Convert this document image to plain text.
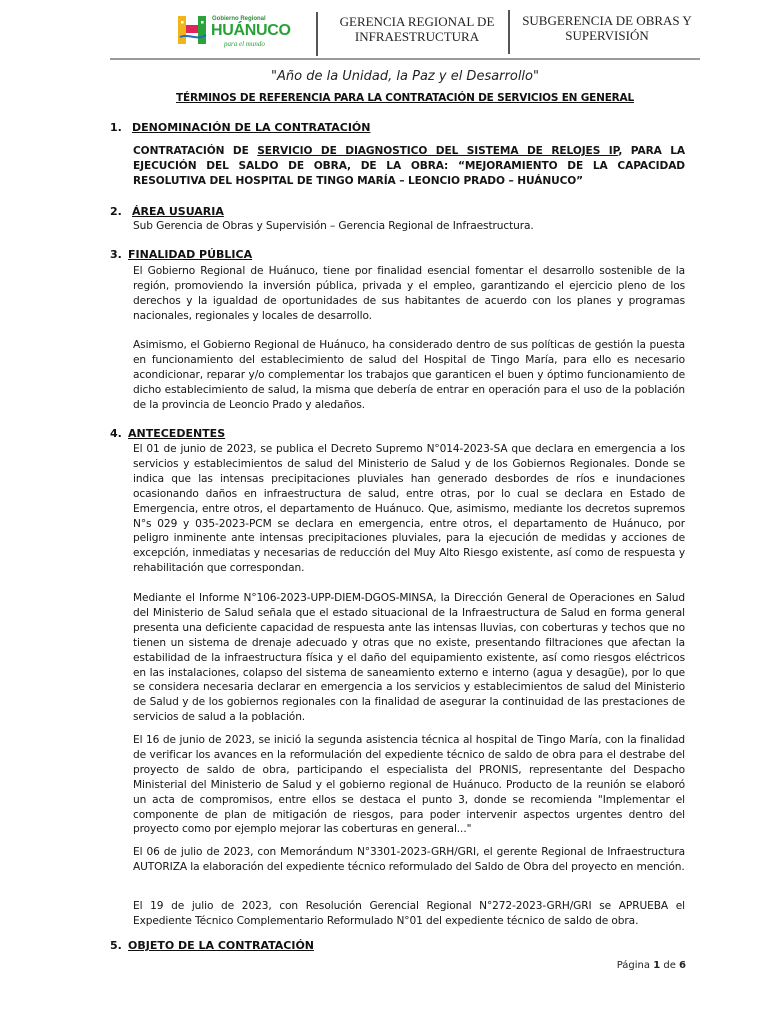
Gobierno Regional
HUÁNUCO
para el mundo
GERENCIA REGIONAL DE INFRAESTRUCTURA
SUBGERENCIA DE OBRAS Y SUPERVISIÓN
"Año de la Unidad, la Paz y el Desarrollo"
TÉRMINOS DE REFERENCIA PARA LA CONTRATACIÓN DE SERVICIOS EN GENERAL
1. DENOMINACIÓN DE LA CONTRATACIÓN
CONTRATACIÓN DE SERVICIO DE DIAGNOSTICO DEL SISTEMA DE RELOJES IP, PARA LA EJECUCIÓN DEL SALDO DE OBRA, DE LA OBRA: “MEJORAMIENTO DE LA CAPACIDAD RESOLUTIVA DEL HOSPITAL DE TINGO MARÍA – LEONCIO PRADO – HUÁNUCO”
2. ÁREA USUARIA
Sub Gerencia de Obras y Supervisión – Gerencia Regional de Infraestructura.
3. FINALIDAD PÚBLICA
El Gobierno Regional de Huánuco, tiene por finalidad esencial fomentar el desarrollo sostenible de la región, promoviendo la inversión pública, privada y el empleo, garantizando el ejercicio pleno de los derechos y la igualdad de oportunidades de sus habitantes de acuerdo con los planes y programas nacionales, regionales y locales de desarrollo.
Asimismo, el Gobierno Regional de Huánuco, ha considerado dentro de sus políticas de gestión la puesta en funcionamiento del establecimiento de salud del Hospital de Tingo María, para ello es necesario acondicionar, reparar y/o complementar los trabajos que garanticen el buen y óptimo funcionamiento de dicho establecimiento de salud, la misma que debería de entrar en operación para el uso de la población de la provincia de Leoncio Prado y aledaños.
4. ANTECEDENTES
El 01 de junio de 2023, se publica el Decreto Supremo N°014-2023-SA que declara en emergencia a los servicios y establecimientos de salud del Ministerio de Salud y de los Gobiernos Regionales. Donde se indica que las intensas precipitaciones pluviales han generado desbordes de ríos e inundaciones ocasionando daños en infraestructura de salud, entre otras, por lo cual se declara en Estado de Emergencia, entre otros, el departamento de Huánuco. Que, asimismo, mediante los decretos supremos N°s 029 y 035-2023-PCM se declara en emergencia, entre otros, el departamento de Huánuco, por peligro inminente ante intensas precipitaciones pluviales, para la ejecución de medidas y acciones de excepción, inmediatas y necesarias de reducción del Muy Alto Riesgo existente, así como de respuesta y rehabilitación que correspondan.
Mediante el Informe N°106-2023-UPP-DIEM-DGOS-MINSA, la Dirección General de Operaciones en Salud del Ministerio de Salud señala que el estado situacional de la Infraestructura de Salud en forma general presenta una deficiente capacidad de respuesta ante las intensas lluvias, con coberturas y techos que no tienen un sistema de drenaje adecuado y otras que no existe, presentando filtraciones que afectan la estabilidad de la infraestructura física y el daño del equipamiento existente, así como riesgos eléctricos en las instalaciones, colapso del sistema de saneamiento externo e interno (agua y desagüe), por lo que se considera necesaria declarar en emergencia a los servicios y establecimientos de salud del Ministerio de Salud y de los gobiernos regionales con la finalidad de asegurar la continuidad de las prestaciones de servicios de salud a la población.
El 16 de junio de 2023, se inició la segunda asistencia técnica al hospital de Tingo María, con la finalidad de verificar los avances en la reformulación del expediente técnico de saldo de obra para el destrabe del proyecto de saldo de obra, participando el especialista del PRONIS, representante del Despacho Ministerial del Ministerio de Salud y el gobierno regional de Huánuco. Producto de la reunión se elaboró un acta de compromisos, entre ellos se destaca el punto 3, donde se recomienda "Implementar el componente de plan de mitigación de riesgos, para poder intervenir aspectos urgentes dentro del proyecto como por ejemplo mejorar las coberturas en general..."
El 06 de julio de 2023, con Memorándum N°3301-2023-GRH/GRI, el gerente Regional de Infraestructura AUTORIZA la elaboración del expediente técnico reformulado del Saldo de Obra del proyecto en mención.
El 19 de julio de 2023, con Resolución Gerencial Regional N°272-2023-GRH/GRI se APRUEBA el Expediente Técnico Complementario Reformulado N°01 del expediente técnico de saldo de obra.
5. OBJETO DE LA CONTRATACIÓN
Página 1 de 6
